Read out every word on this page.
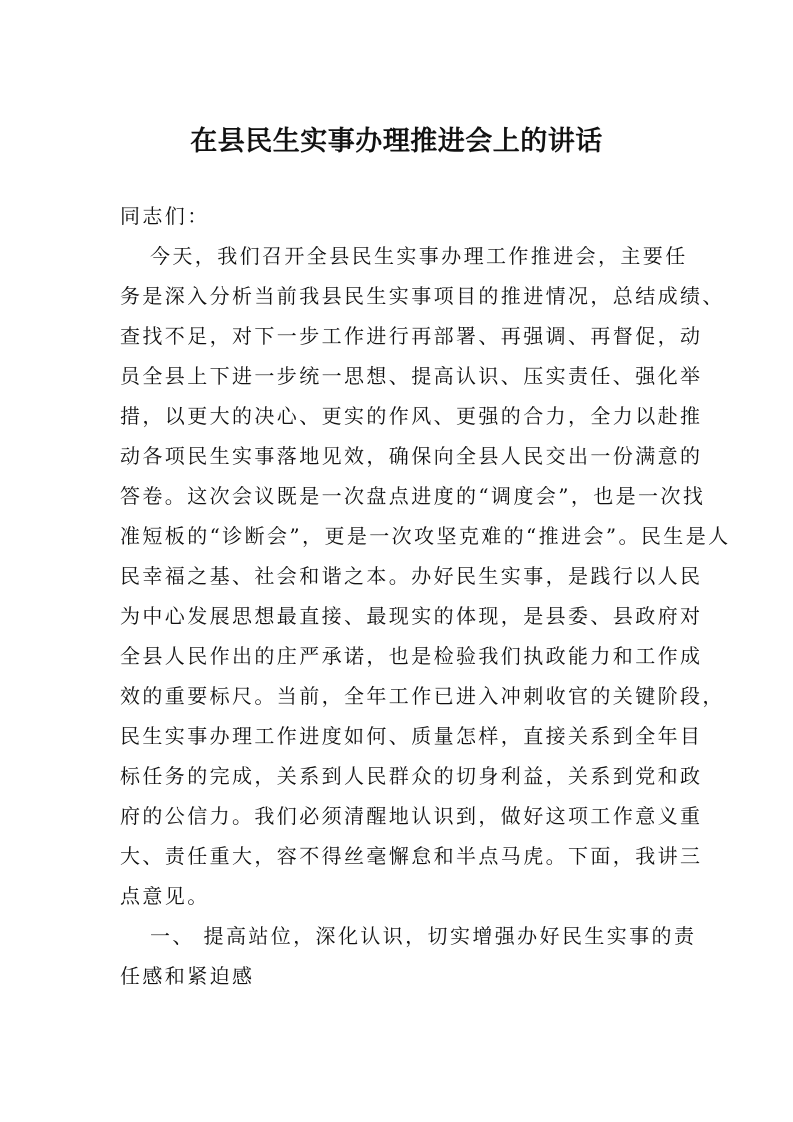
在县民生实事办理推进会上的讲话
同志们：
今天，我们召开全县民生实事办理工作推进会，主要任
务是深入分析当前我县民生实事项目的推进情况，总结成绩、
查找不足，对下一步工作进行再部署、再强调、再督促，动
员全县上下进一步统一思想、提高认识、压实责任、强化举
措，以更大的决心、更实的作风、更强的合力，全力以赴推
动各项民生实事落地见效，确保向全县人民交出一份满意的
答卷。这次会议既是一次盘点进度的“调度会”，也是一次找
准短板的“诊断会”，更是一次攻坚克难的“推进会”。民生是人
民幸福之基、社会和谐之本。办好民生实事，是践行以人民
为中心发展思想最直接、最现实的体现，是县委、县政府对
全县人民作出的庄严承诺，也是检验我们执政能力和工作成
效的重要标尺。当前，全年工作已进入冲刺收官的关键阶段，
民生实事办理工作进度如何、质量怎样，直接关系到全年目
标任务的完成，关系到人民群众的切身利益，关系到党和政
府的公信力。我们必须清醒地认识到，做好这项工作意义重
大、责任重大，容不得丝毫懈怠和半点马虎。下面，我讲三
点意见。
一、 提高站位，深化认识，切实增强办好民生实事的责
任感和紧迫感
